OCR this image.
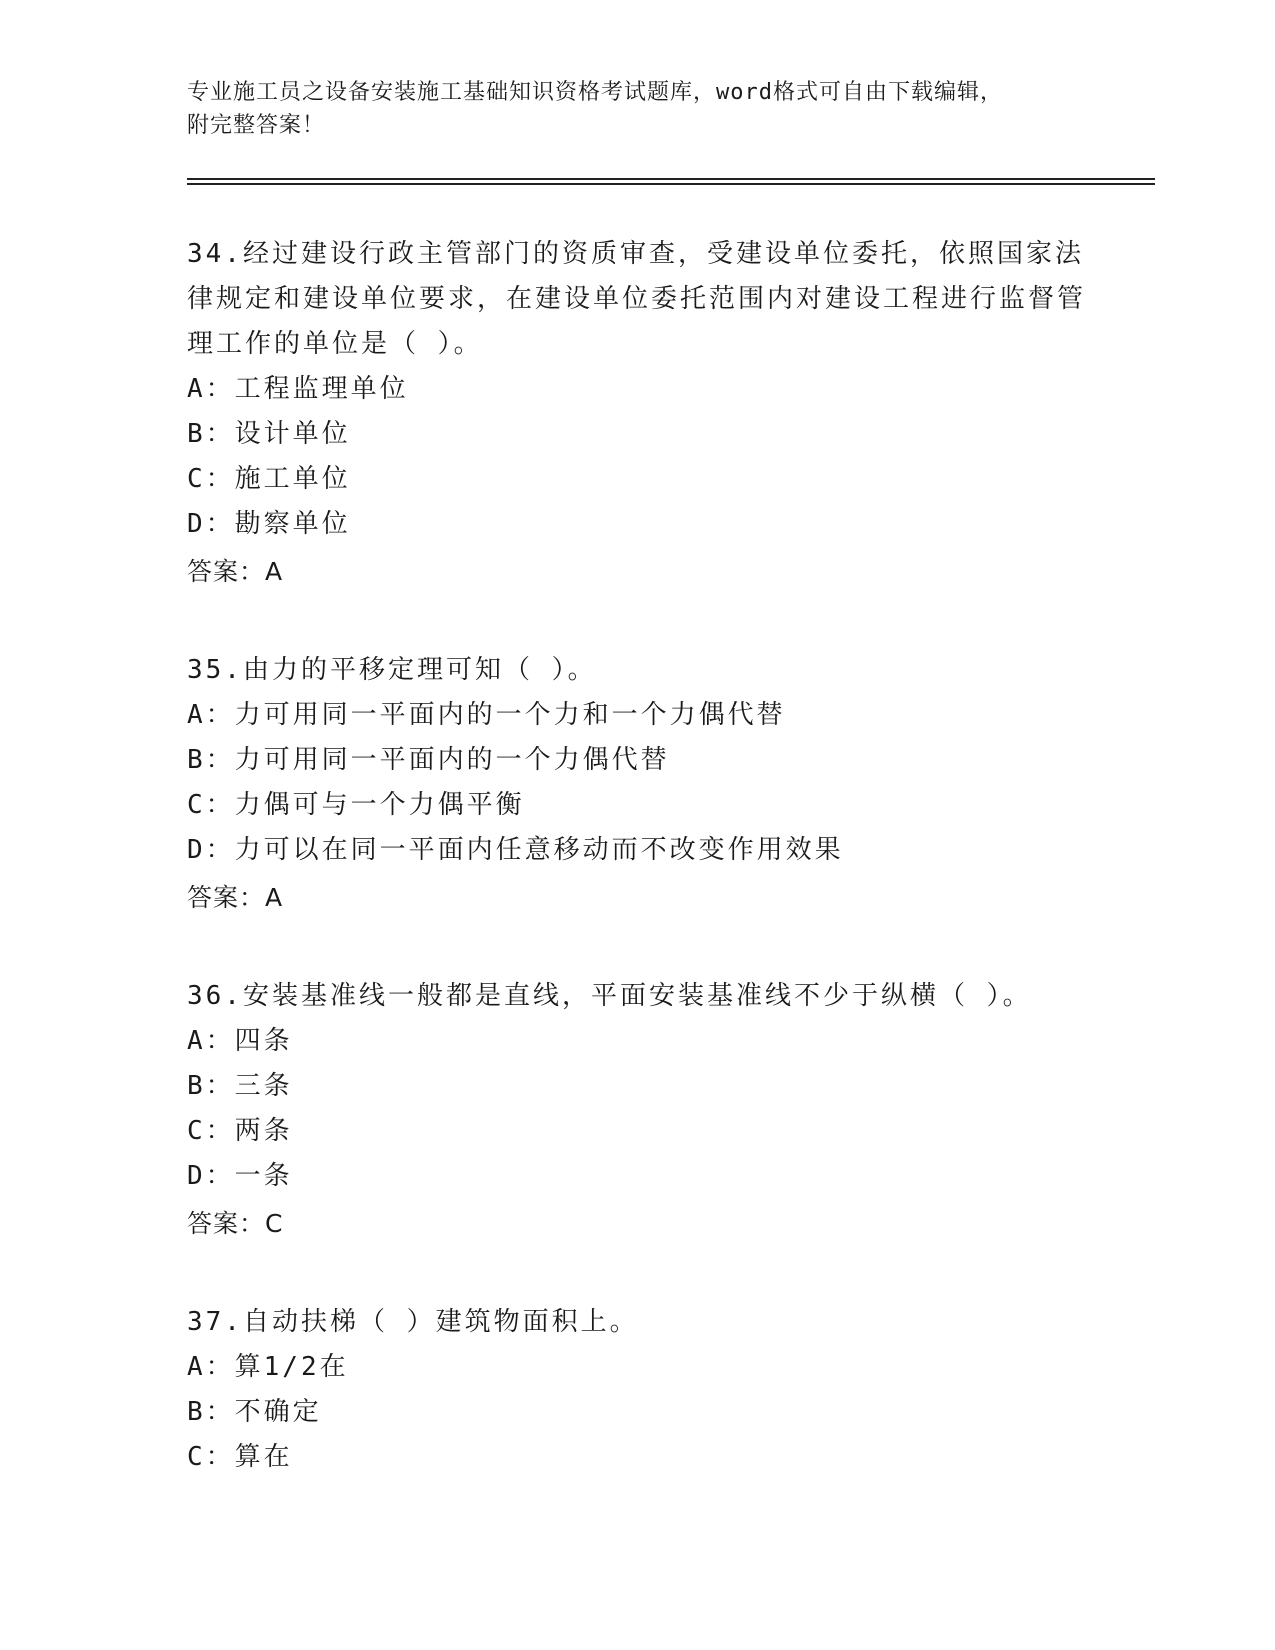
专业施工员之设备安装施工基础知识资格考试题库，word格式可自由下载编辑，
附完整答案！

34.经过建设行政主管部门的资质审查，受建设单位委托，依照国家法律规定和建设单位要求，在建设单位委托范围内对建设工程进行监督管理工作的单位是（ ）。

A：工程监理单位

B：设计单位

C：施工单位

D：勘察单位

答案：A

35.由力的平移定理可知（ ）。

A：力可用同一平面内的一个力和一个力偶代替

B：力可用同一平面内的一个力偶代替

C：力偶可与一个力偶平衡

D：力可以在同一平面内任意移动而不改变作用效果

答案：A

36.安装基准线一般都是直线，平面安装基准线不少于纵横（ ）。

A：四条

B：三条

C：两条

D：一条

答案：C

37.自动扶梯（ ）建筑物面积上。

A：算1/2在

B：不确定

C：算在
